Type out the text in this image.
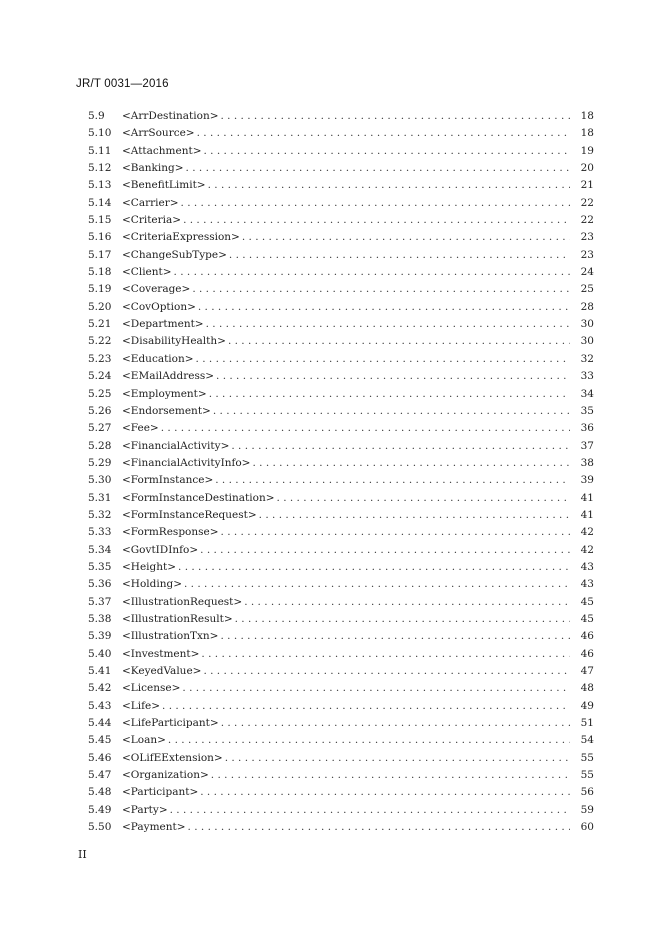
JR/T 0031—2016
5.9	<ArrDestination> . . .	18
5.10	<ArrSource> . . .	18
5.11	<Attachment> . . .	19
5.12	<Banking> . . .	20
5.13	<BenefitLimit> . . .	21
5.14	<Carrier> . . .	22
5.15	<Criteria> . . .	22
5.16	<CriteriaExpression> . . .	23
5.17	<ChangeSubType> . . .	23
5.18	<Client> . . .	24
5.19	<Coverage> . . .	25
5.20	<CovOption> . . .	28
5.21	<Department> . . .	30
5.22	<DisabilityHealth> . . .	30
5.23	<Education> . . .	32
5.24	<EMailAddress> . . .	33
5.25	<Employment> . . .	34
5.26	<Endorsement> . . .	35
5.27	<Fee> . . .	36
5.28	<FinancialActivity> . . .	37
5.29	<FinancialActivityInfo> . . .	38
5.30	<FormInstance> . . .	39
5.31	<FormInstanceDestination> . . .	41
5.32	<FormInstanceRequest> . . .	41
5.33	<FormResponse> . . .	42
5.34	<GovtIDInfo> . . .	42
5.35	<Height> . . .	43
5.36	<Holding> . . .	43
5.37	<IllustrationRequest> . . .	45
5.38	<IllustrationResult> . . .	45
5.39	<IllustrationTxn> . . .	46
5.40	<Investment> . . .	46
5.41	<KeyedValue> . . .	47
5.42	<License> . . .	48
5.43	<Life> . . .	49
5.44	<LifeParticipant> . . .	51
5.45	<Loan> . . .	54
5.46	<OLifEExtension> . . .	55
5.47	<Organization> . . .	55
5.48	<Participant> . . .	56
5.49	<Party> . . .	59
5.50	<Payment> . . .	60
II
